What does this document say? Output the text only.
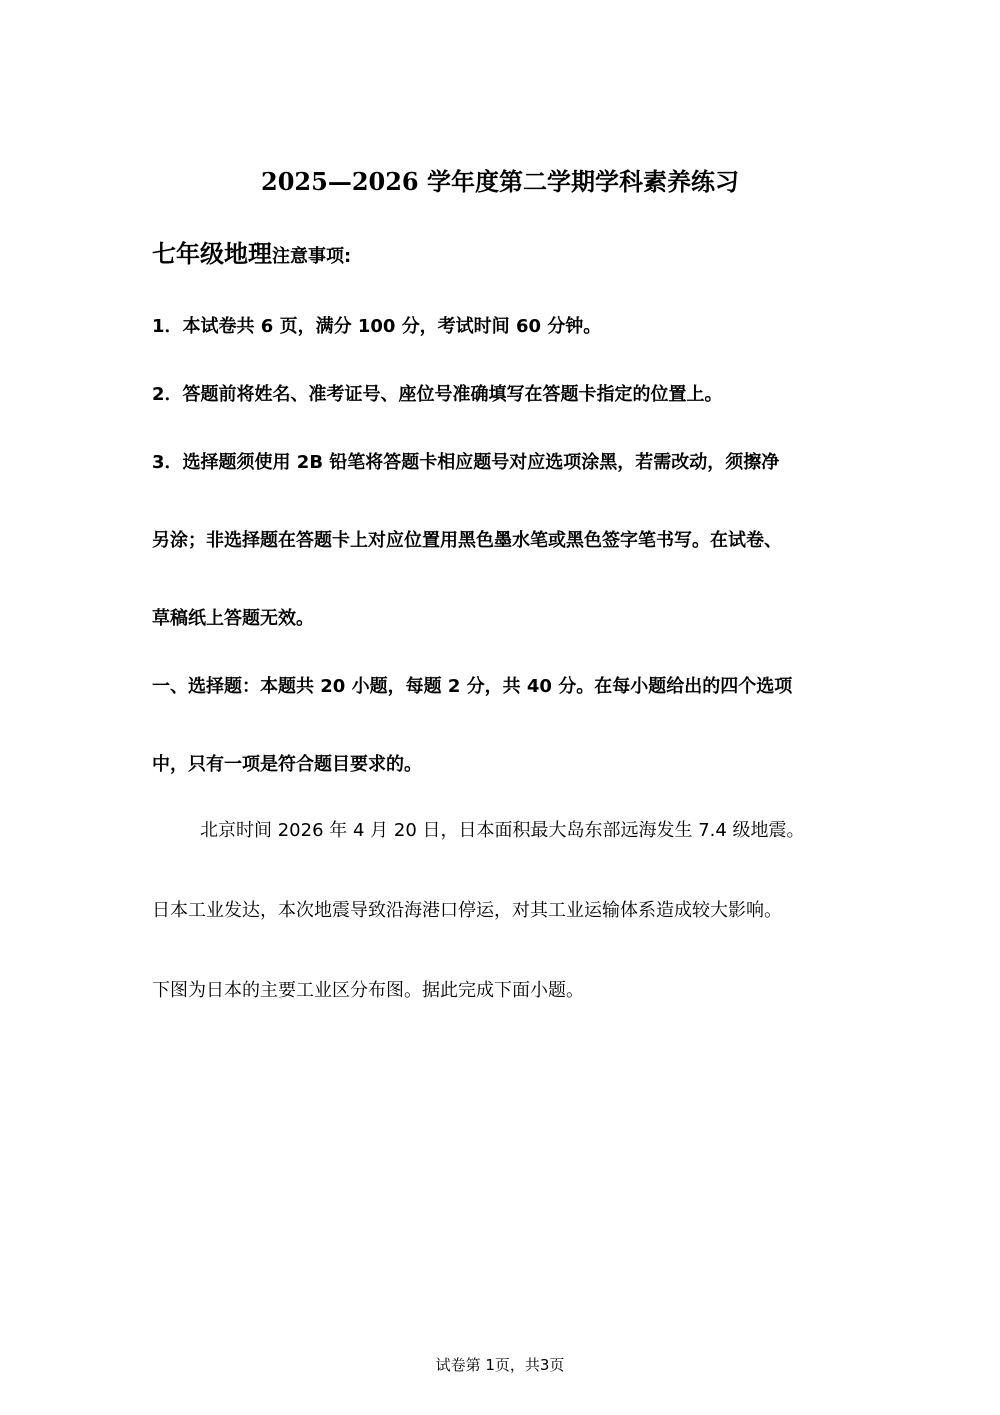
2025—2026 学年度第二学期学科素养练习
七年级地理注意事项:
1．本试卷共 6 页，满分 100 分，考试时间 60 分钟。
2．答题前将姓名、准考证号、座位号准确填写在答题卡指定的位置上。
3．选择题须使用 2B 铅笔将答题卡相应题号对应选项涂黑，若需改动，须擦净
另涂；非选择题在答题卡上对应位置用黑色墨水笔或黑色签字笔书写。在试卷、
草稿纸上答题无效。
一、选择题：本题共 20 小题，每题 2 分，共 40 分。在每小题给出的四个选项
中，只有一项是符合题目要求的。
北京时间 2026 年 4 月 20 日，日本面积最大岛东部远海发生 7.4 级地震。
日本工业发达，本次地震导致沿海港口停运，对其工业运输体系造成较大影响。
下图为日本的主要工业区分布图。据此完成下面小题。
试卷第 1页，共3页
